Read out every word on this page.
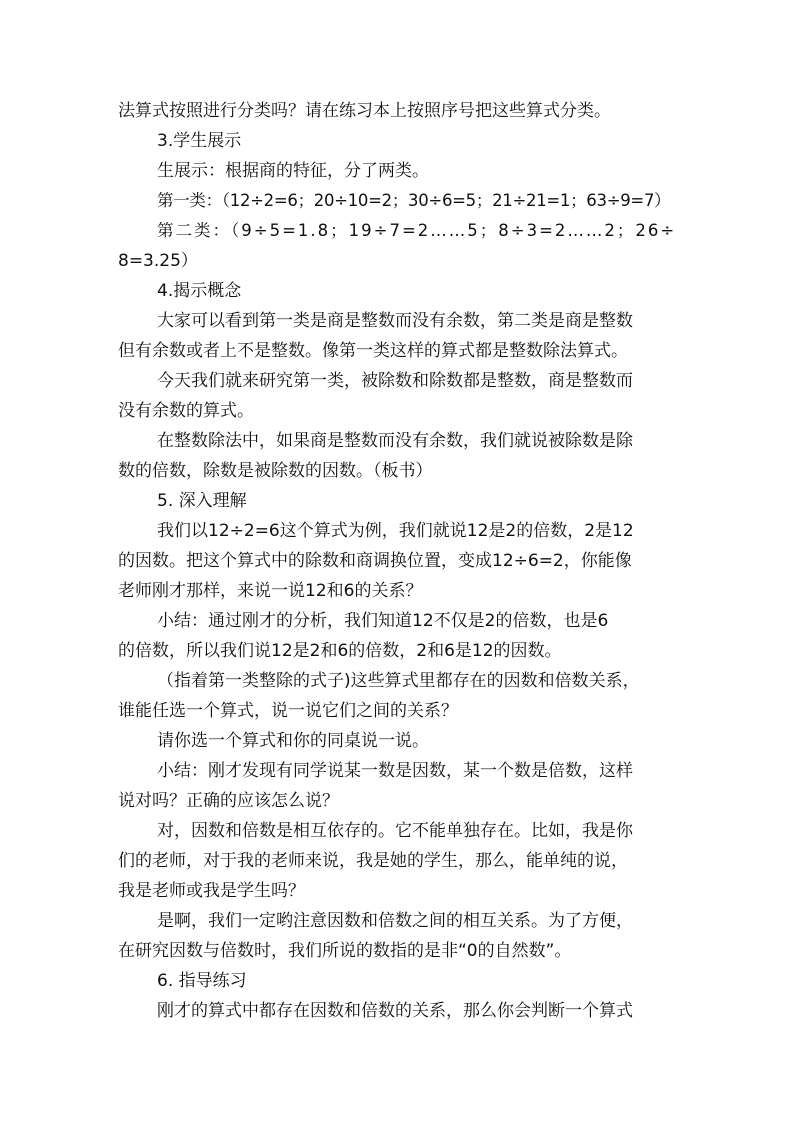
法算式按照进行分类吗？请在练习本上按照序号把这些算式分类。

3.学生展示

生展示：根据商的特征，分了两类。

第一类：（12÷2=6；20÷10=2；30÷6=5；21÷21=1；63÷9=7）

第二类：（9÷5=1.8；19÷7=2……5；8÷3=2……2；26÷
8=3.25）

4.揭示概念

大家可以看到第一类是商是整数而没有余数，第二类是商是整数
但有余数或者上不是整数。像第一类这样的算式都是整数除法算式。

今天我们就来研究第一类，被除数和除数都是整数，商是整数而
没有余数的算式。

在整数除法中，如果商是整数而没有余数，我们就说被除数是除
数的倍数，除数是被除数的因数。（板书）

5. 深入理解

我们以12÷2=6这个算式为例，我们就说12是2的倍数，2是12
的因数。把这个算式中的除数和商调换位置，变成12÷6=2，你能像
老师刚才那样，来说一说12和6的关系？

小结：通过刚才的分析，我们知道12不仅是2的倍数，也是6
的倍数，所以我们说12是2和6的倍数，2和6是12的因数。

（指着第一类整除的式子)这些算式里都存在的因数和倍数关系，
谁能任选一个算式，说一说它们之间的关系？

请你选一个算式和你的同桌说一说。

小结：刚才发现有同学说某一数是因数，某一个数是倍数，这样
说对吗？正确的应该怎么说？

对，因数和倍数是相互依存的。它不能单独存在。比如，我是你
们的老师，对于我的老师来说，我是她的学生，那么，能单纯的说，
我是老师或我是学生吗？

是啊，我们一定哟注意因数和倍数之间的相互关系。为了方便，
在研究因数与倍数时，我们所说的数指的是非“0的自然数”。

6. 指导练习

刚才的算式中都存在因数和倍数的关系，那么你会判断一个算式
